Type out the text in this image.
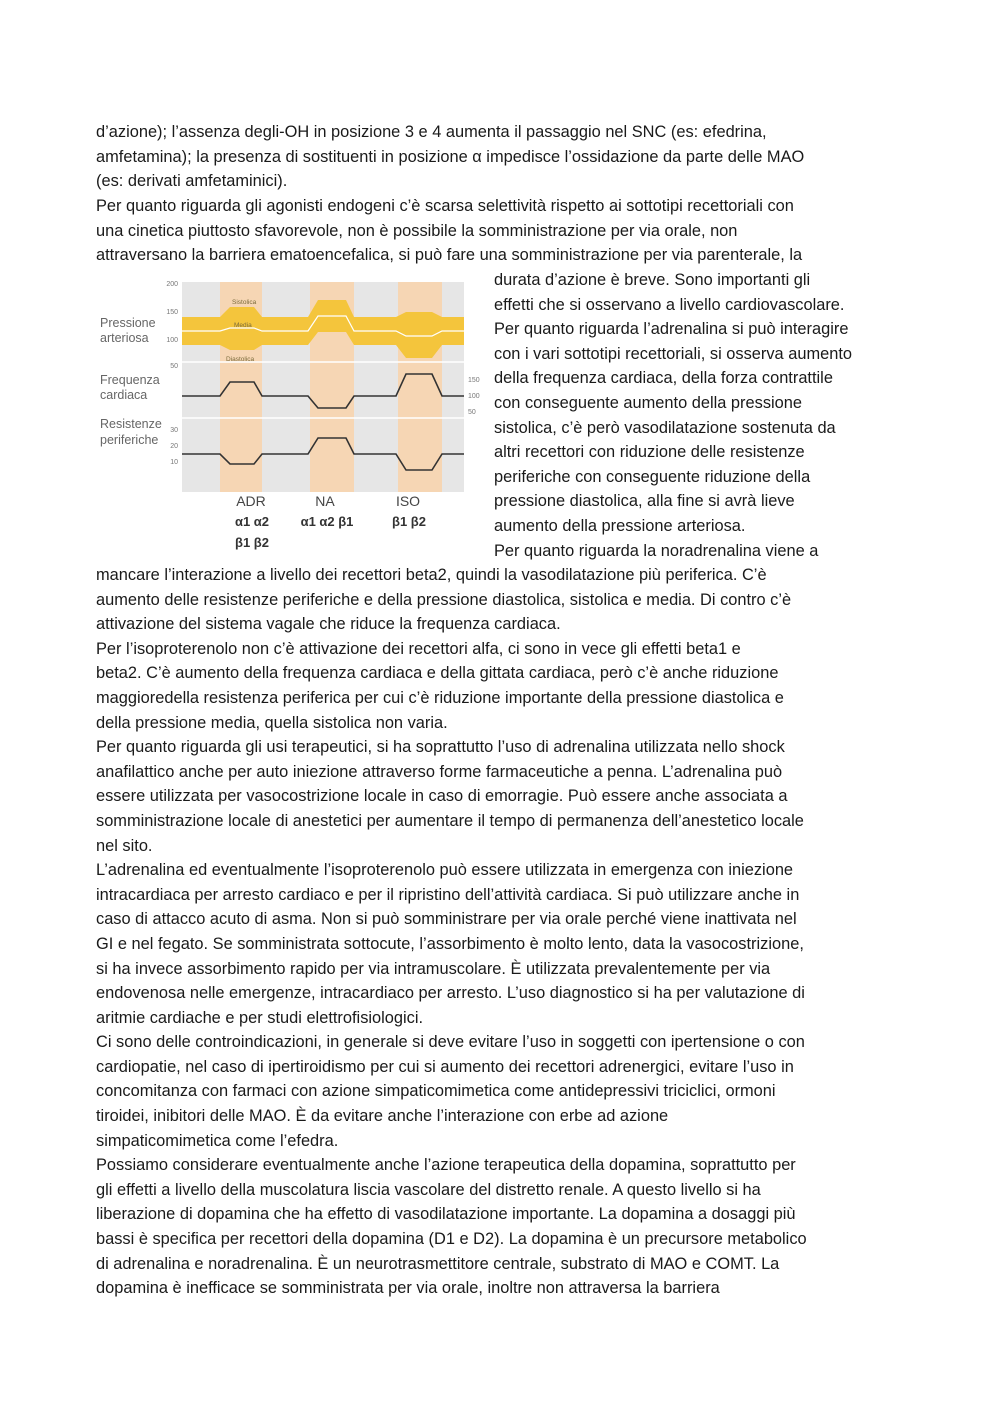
d’azione); l’assenza degli-OH in posizione 3 e 4 aumenta il passaggio nel SNC (es: efedrina,
amfetamina); la presenza di sostituenti in posizione α impedisce l’ossidazione da parte delle MAO
(es: derivati amfetaminici).
Per quanto riguarda gli agonisti endogeni c’è scarsa selettività rispetto ai sottotipi recettoriali con
una cinetica piuttosto sfavorevole, non è possibile la somministrazione per via orale, non
attraversano la barriera ematoencefalica, si può fare una somministrazione per via parenterale, la
durata d’azione è breve. Sono importanti gli
effetti che si osservano a livello cardiovascolare.
Per quanto riguarda l’adrenalina si può interagire
con i vari sottotipi recettoriali, si osserva aumento
della frequenza cardiaca, della forza contrattile
con conseguente aumento della pressione
sistolica, c’è però vasodilatazione sostenuta da
altri recettori con riduzione delle resistenze
periferiche con conseguente riduzione della
pressione diastolica, alla fine si avrà lieve
aumento della pressione arteriosa.
Per quanto riguarda la noradrenalina viene a
200
150
100
50
30
20
10
150
100
50
Sistolica
Media
Diastolica
Pressione
arteriosa
Frequenza
cardiaca
Resistenze
periferiche
ADR	NA	ISO
α1 α2
β1 β2
α1 α2 β1	β1 β2
mancare l’interazione a livello dei recettori beta2, quindi la vasodilatazione più periferica. C’è
aumento delle resistenze periferiche e della pressione diastolica, sistolica e media. Di contro c’è
attivazione del sistema vagale che riduce la frequenza cardiaca.
Per l’isoproterenolo non c’è attivazione dei recettori alfa, ci sono in vece gli effetti beta1 e
beta2. C’è aumento della frequenza cardiaca e della gittata cardiaca, però c’è anche riduzione
maggioredella resistenza periferica per cui c’è riduzione importante della pressione diastolica e
della pressione media, quella sistolica non varia.
Per quanto riguarda gli usi terapeutici, si ha soprattutto l’uso di adrenalina utilizzata nello shock
anafilattico anche per auto iniezione attraverso forme farmaceutiche a penna. L’adrenalina può
essere utilizzata per vasocostrizione locale in caso di emorragie. Può essere anche associata a
somministrazione locale di anestetici per aumentare il tempo di permanenza dell’anestetico locale
nel sito.
L’adrenalina ed eventualmente l’isoproterenolo può essere utilizzata in emergenza con iniezione
intracardiaca per arresto cardiaco e per il ripristino dell’attività cardiaca. Si può utilizzare anche in
caso di attacco acuto di asma. Non si può somministrare per via orale perché viene inattivata nel
GI e nel fegato. Se somministrata sottocute, l’assorbimento è molto lento, data la vasocostrizione,
si ha invece assorbimento rapido per via intramuscolare. È utilizzata prevalentemente per via
endovenosa nelle emergenze, intracardiaco per arresto. L’uso diagnostico si ha per valutazione di
aritmie cardiache e per studi elettrofisiologici.
Ci sono delle controindicazioni, in generale si deve evitare l’uso in soggetti con ipertensione o con
cardiopatie, nel caso di ipertiroidismo per cui si aumento dei recettori adrenergici, evitare l’uso in
concomitanza con farmaci con azione simpaticomimetica come antidepressivi triciclici, ormoni
tiroidei, inibitori delle MAO. È da evitare anche l’interazione con erbe ad azione
simpaticomimetica come l’efedra.
Possiamo considerare eventualmente anche l’azione terapeutica della dopamina, soprattutto per
gli effetti a livello della muscolatura liscia vascolare del distretto renale. A questo livello si ha
liberazione di dopamina che ha effetto di vasodilatazione importante. La dopamina a dosaggi più
bassi è specifica per recettori della dopamina (D1 e D2). La dopamina è un precursore metabolico
di adrenalina e noradrenalina. È un neurotrasmettitore centrale, substrato di MAO e COMT. La
dopamina è inefficace se somministrata per via orale, inoltre non attraversa la barriera
